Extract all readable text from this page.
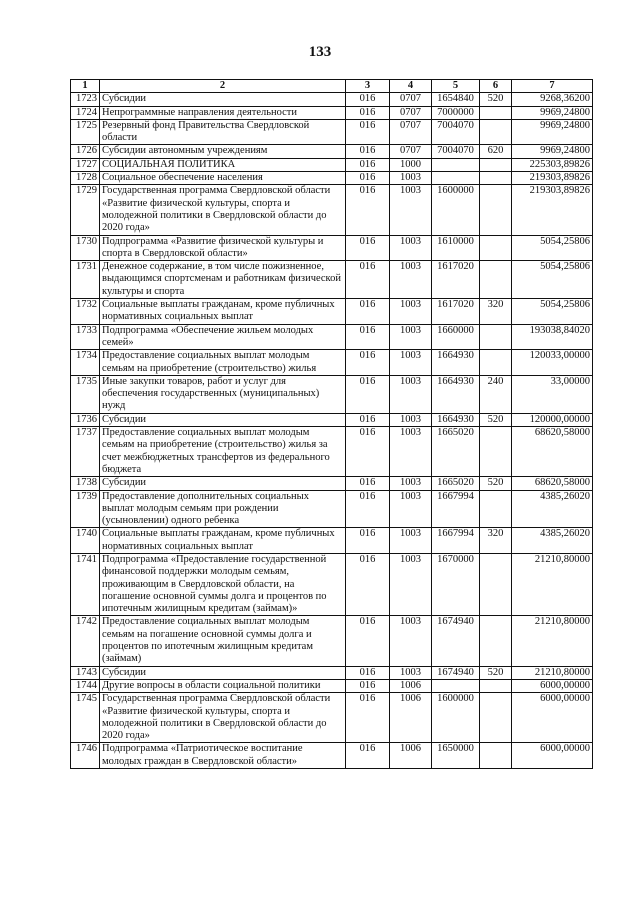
133
1	2	3	4	5	6	7
1723	Субсидии	016	0707	1654840	520	9268,36200
1724	Непрограммные направления деятельности	016	0707	7000000		9969,24800
1725	Резервный фонд Правительства Свердловской области	016	0707	7004070		9969,24800
1726	Субсидии автономным учреждениям	016	0707	7004070	620	9969,24800
1727	СОЦИАЛЬНАЯ ПОЛИТИКА	016	1000			225303,89826
1728	Социальное обеспечение населения	016	1003			219303,89826
1729	Государственная программа Свердловской области «Развитие физической культуры, спорта и молодежной политики в Свердловской области до 2020 года»	016	1003	1600000		219303,89826
1730	Подпрограмма «Развитие физической культуры и спорта в Свердловской области»	016	1003	1610000		5054,25806
1731	Денежное содержание, в том числе пожизненное, выдающимся спортсменам и работникам физической культуры и спорта	016	1003	1617020		5054,25806
1732	Социальные выплаты гражданам, кроме публичных нормативных социальных выплат	016	1003	1617020	320	5054,25806
1733	Подпрограмма «Обеспечение жильем молодых семей»	016	1003	1660000		193038,84020
1734	Предоставление социальных выплат молодым семьям на приобретение (строительство) жилья	016	1003	1664930		120033,00000
1735	Иные закупки товаров, работ и услуг для обеспечения государственных (муниципальных) нужд	016	1003	1664930	240	33,00000
1736	Субсидии	016	1003	1664930	520	120000,00000
1737	Предоставление социальных выплат молодым семьям на приобретение (строительство) жилья за счет межбюджетных трансфертов из федерального бюджета	016	1003	1665020		68620,58000
1738	Субсидии	016	1003	1665020	520	68620,58000
1739	Предоставление дополнительных социальных выплат молодым семьям при рождении (усыновлении) одного ребенка	016	1003	1667994		4385,26020
1740	Социальные выплаты гражданам, кроме публичных нормативных социальных выплат	016	1003	1667994	320	4385,26020
1741	Подпрограмма «Предоставление государственной финансовой поддержки молодым семьям, проживающим в Свердловской области, на погашение основной суммы долга и процентов по ипотечным жилищным кредитам (займам)»	016	1003	1670000		21210,80000
1742	Предоставление социальных выплат молодым семьям на погашение основной суммы долга и процентов по ипотечным жилищным кредитам (займам)	016	1003	1674940		21210,80000
1743	Субсидии	016	1003	1674940	520	21210,80000
1744	Другие вопросы в области социальной политики	016	1006			6000,00000
1745	Государственная программа Свердловской области «Развитие физической культуры, спорта и молодежной политики в Свердловской области до 2020 года»	016	1006	1600000		6000,00000
1746	Подпрограмма «Патриотическое воспитание молодых граждан в Свердловской области»	016	1006	1650000		6000,00000
